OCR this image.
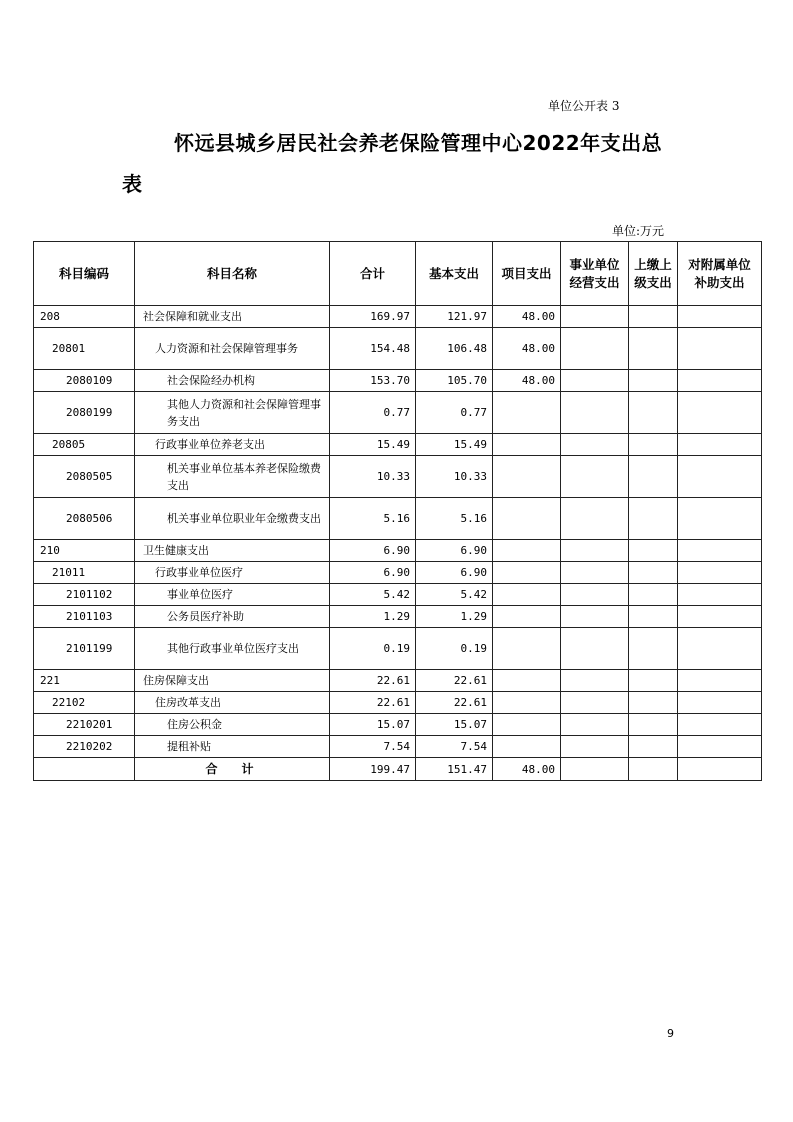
单位公开表 3
怀远县城乡居民社会养老保险管理中心2022年支出总
表
单位:万元
科目编码	科目名称	合计	基本支出	项目支出	事业单位经营支出	上缴上级支出	对附属单位补助支出
208	社会保障和就业支出	169.97	121.97	48.00			
20801	人力资源和社会保障管理事务	154.48	106.48	48.00			
2080109	社会保险经办机构	153.70	105.70	48.00			
2080199	其他人力资源和社会保障管理事务支出	0.77	0.77				
20805	行政事业单位养老支出	15.49	15.49				
2080505	机关事业单位基本养老保险缴费支出	10.33	10.33				
2080506	机关事业单位职业年金缴费支出	5.16	5.16				
210	卫生健康支出	6.90	6.90				
21011	行政事业单位医疗	6.90	6.90				
2101102	事业单位医疗	5.42	5.42				
2101103	公务员医疗补助	1.29	1.29				
2101199	其他行政事业单位医疗支出	0.19	0.19				
221	住房保障支出	22.61	22.61				
22102	住房改革支出	22.61	22.61				
2210201	住房公积金	15.07	15.07				
2210202	提租补贴	7.54	7.54				
	合计	199.47	151.47	48.00			
9
